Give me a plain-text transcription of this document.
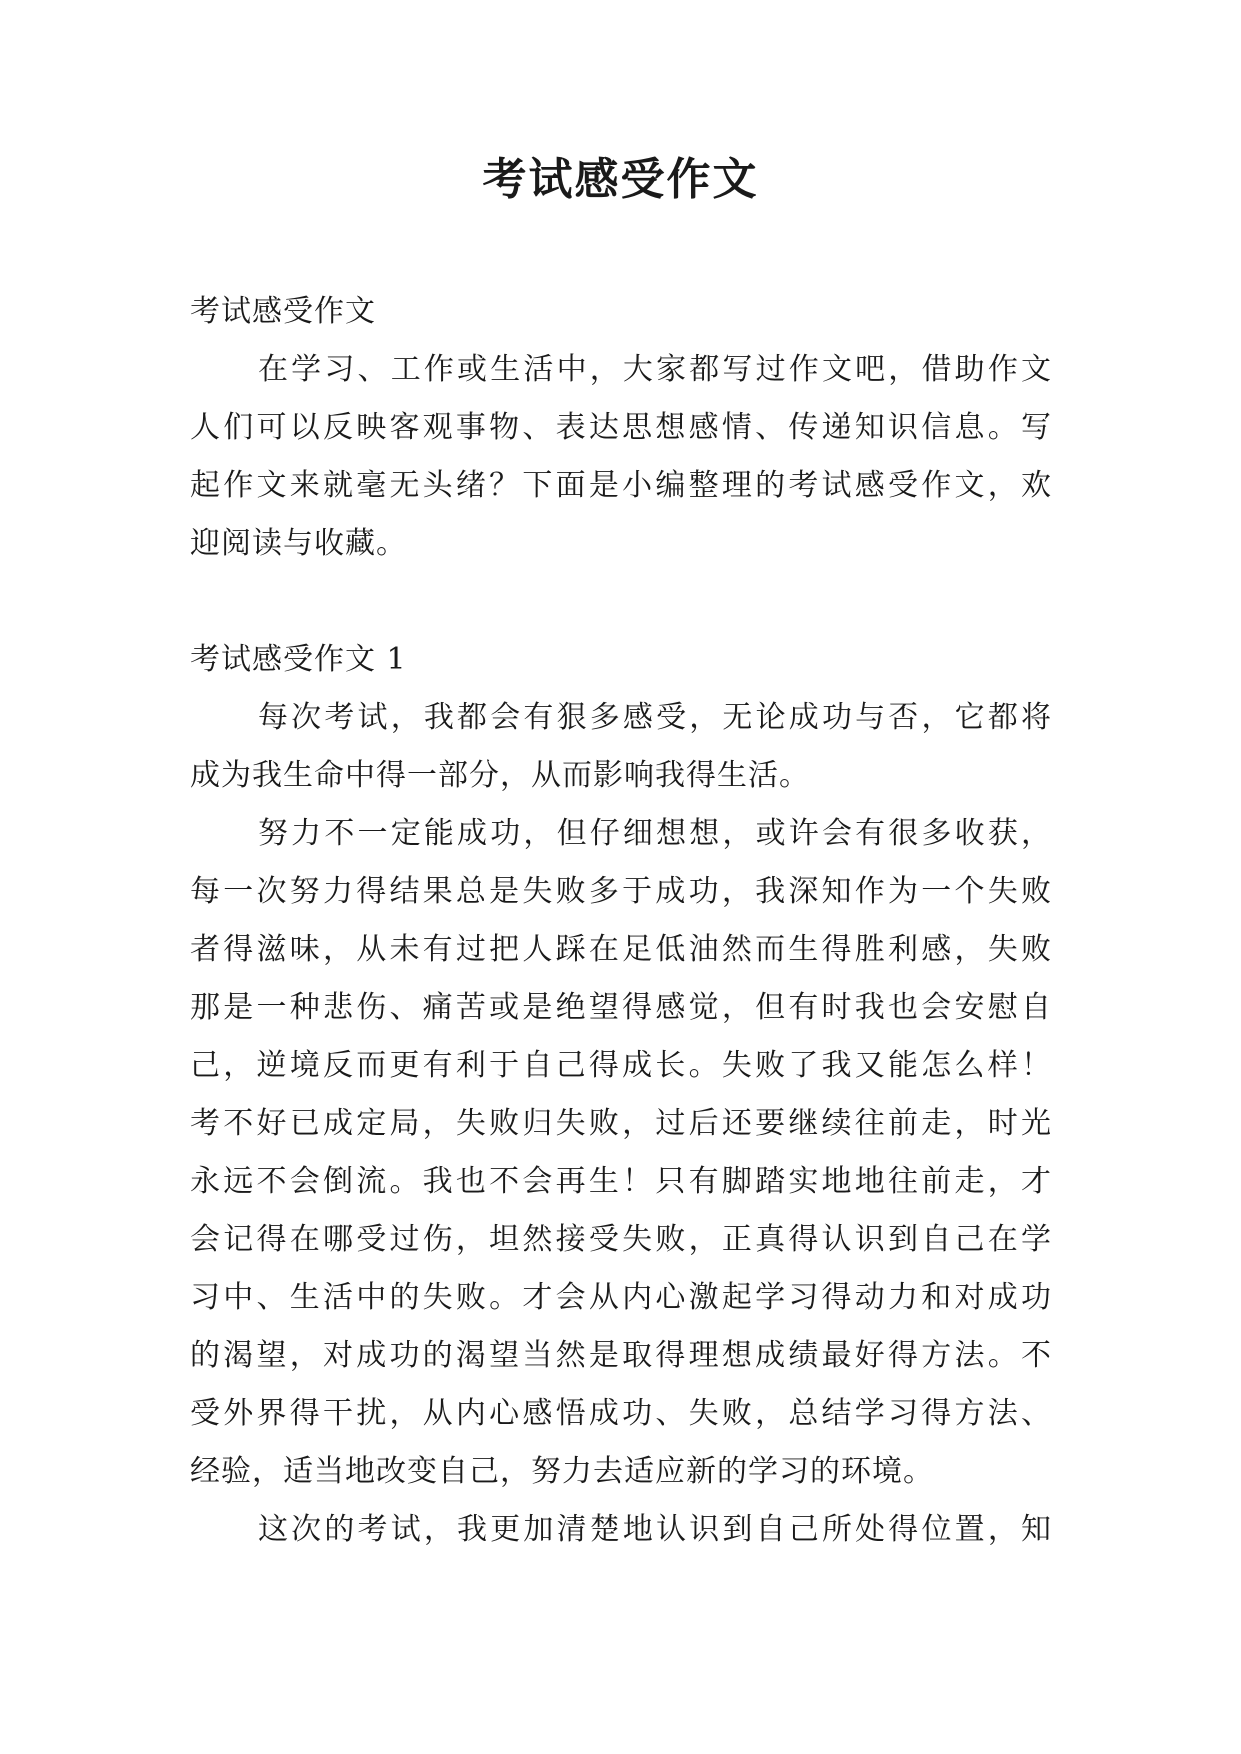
考试感受作文
考试感受作文
在学习、工作或生活中，大家都写过作文吧，借助作文
人们可以反映客观事物、表达思想感情、传递知识信息。写
起作文来就毫无头绪？下面是小编整理的考试感受作文，欢
迎阅读与收藏。
考试感受作文 1
每次考试，我都会有狠多感受，无论成功与否，它都将
成为我生命中得一部分，从而影响我得生活。
努力不一定能成功，但仔细想想，或许会有很多收获，
每一次努力得结果总是失败多于成功，我深知作为一个失败
者得滋味，从未有过把人踩在足低油然而生得胜利感，失败
那是一种悲伤、痛苦或是绝望得感觉，但有时我也会安慰自
己，逆境反而更有利于自己得成长。失败了我又能怎么样！
考不好已成定局，失败归失败，过后还要继续往前走，时光
永远不会倒流。我也不会再生！只有脚踏实地地往前走，才
会记得在哪受过伤，坦然接受失败，正真得认识到自己在学
习中、生活中的失败。才会从内心激起学习得动力和对成功
的渴望，对成功的渴望当然是取得理想成绩最好得方法。不
受外界得干扰，从内心感悟成功、失败，总结学习得方法、
经验，适当地改变自己，努力去适应新的学习的环境。
这次的考试，我更加清楚地认识到自己所处得位置，知
